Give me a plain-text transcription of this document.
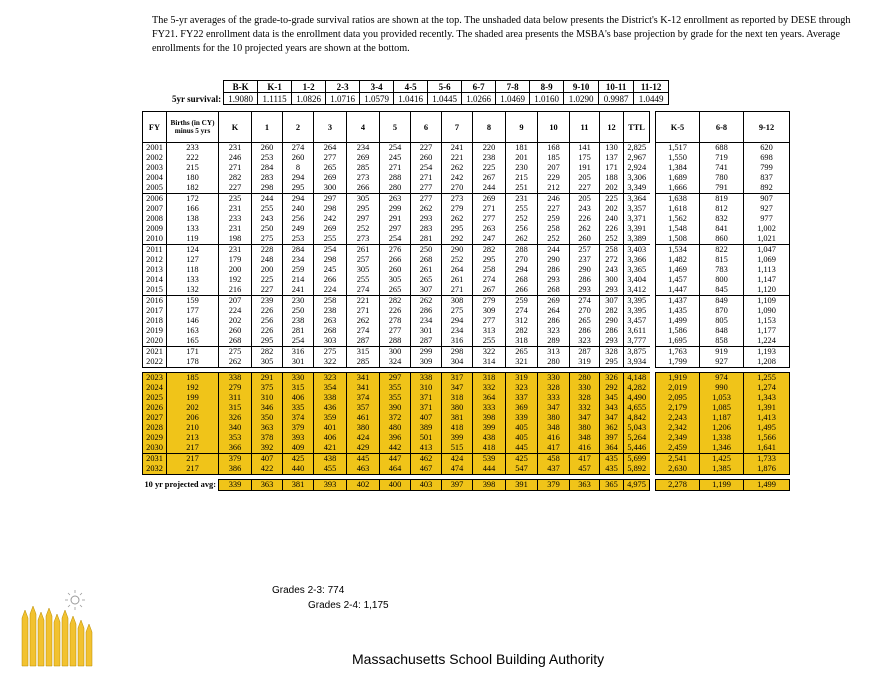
The 5-yr averages of the grade-to-grade survival ratios are shown at the top. The unshaded data below presents the District's K-12 enrollment as reported by DESE through FY21. FY22 enrollment data is the enrollment data you provided recently. The shaded area presents the MSBA's base projection by grade for the next ten years. Average enrollments for the 10 projected years are shown at the bottom.
	B-K	K-1	1-2	2-3	3-4	4-5	5-6	6-7	7-8	8-9	9-10	10-11	11-12
5yr survival:	1.9080	1.1115	1.0826	1.0716	1.0579	1.0416	1.0445	1.0266	1.0469	1.0160	1.0290	0.9987	1.0449
FY	Births (in CY) minus 5 yrs	K	1	2	3	4	5	6	7	8	9	10	11	12	TTL		K-5	6-8	9-12
2001	233	231	260	274	264	234	254	227	241	220	181	168	141	130	2,825		1,517	688	620
2002	222	246	253	260	277	269	245	260	221	238	201	185	175	137	2,967		1,550	719	698
2003	215	271	284	8	265	285	271	254	262	225	230	207	191	171	2,924		1,384	741	799
2004	180	282	283	294	269	273	288	271	242	267	215	229	205	188	3,306		1,689	780	837
2005	182	227	298	295	300	266	280	277	270	244	251	212	227	202	3,349		1,666	791	892
2006	172	235	244	294	297	305	263	277	273	269	231	246	205	225	3,364		1,638	819	907
2007	166	231	255	240	298	295	299	262	279	271	255	227	243	202	3,357		1,618	812	927
2008	138	233	243	256	242	297	291	293	262	277	252	259	226	240	3,371		1,562	832	977
2009	133	231	250	249	269	252	297	283	295	263	256	258	262	226	3,391		1,548	841	1,002
2010	119	198	275	253	255	273	254	281	292	247	262	252	260	252	3,389		1,508	860	1,021
2011	124	231	228	284	254	261	276	250	290	282	288	244	257	258	3,403		1,534	822	1,047
2012	127	179	248	234	298	257	266	268	252	295	270	290	237	272	3,366		1,482	815	1,069
2013	118	200	200	259	245	305	260	261	264	258	294	286	290	243	3,365		1,469	783	1,113
2014	133	192	225	214	266	255	305	265	261	274	268	293	286	300	3,404		1,457	800	1,147
2015	132	216	227	241	224	274	265	307	271	267	266	268	293	293	3,412		1,447	845	1,120
2016	159	207	239	230	258	221	282	262	308	279	259	269	274	307	3,395		1,437	849	1,109
2017	177	224	226	250	238	271	226	286	275	309	274	264	270	282	3,395		1,435	870	1,090
2018	146	202	256	238	263	262	278	234	294	277	312	286	265	290	3,457		1,499	805	1,153
2019	163	260	226	281	268	274	277	301	234	313	282	323	286	286	3,611		1,586	848	1,177
2020	165	268	295	254	303	287	288	287	316	255	318	289	323	293	3,777		1,695	858	1,224
2021	171	275	282	316	275	315	300	299	298	322	265	313	287	328	3,875		1,763	919	1,193
2022	178	262	305	301	322	285	324	309	304	314	321	280	319	295	3,934		1,799	927	1,208

2023	185	338	291	330	323	341	297	338	317	318	319	330	280	326	4,148		1,919	974	1,255
2024	192	279	375	315	354	341	355	310	347	332	323	328	330	292	4,282		2,019	990	1,274
2025	199	311	310	406	338	374	355	371	318	364	337	333	328	345	4,490		2,095	1,053	1,343
2026	202	315	346	335	436	357	390	371	380	333	369	347	332	343	4,655		2,179	1,085	1,391
2027	206	326	350	374	359	461	372	407	381	398	339	380	347	347	4,842		2,243	1,187	1,413
2028	210	340	363	379	401	380	480	389	418	399	405	348	380	362	5,043		2,342	1,206	1,495
2029	213	353	378	393	406	424	396	501	399	438	405	416	348	397	5,264		2,349	1,338	1,566
2030	217	366	392	409	421	429	442	413	515	418	445	417	416	364	5,446		2,459	1,346	1,641
2031	217	379	407	425	438	445	447	462	424	539	425	458	417	435	5,699		2,541	1,425	1,733
2032	217	386	422	440	455	463	464	467	474	444	547	437	457	435	5,892		2,630	1,385	1,876

10 yr projected avg:		339	363	381	393	402	400	403	397	398	391	379	363	365	4,975		2,278	1,199	1,499
Grades 2-3: 774
Grades 2-4: 1,175
Massachusetts School Building Authority
